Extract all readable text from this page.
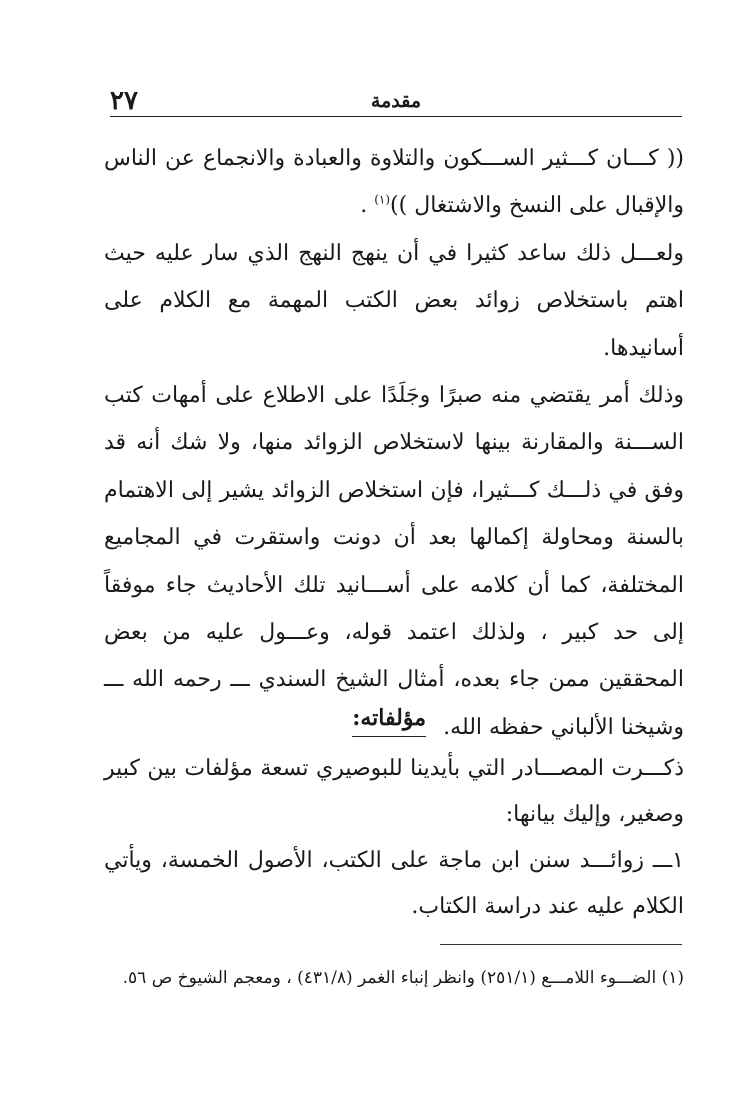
٢٧	مقدمة

(( كـــان كـــثير الســـكون والتلاوة والعبادة والانجماع عن الناس والإقبال على النسخ والاشتغال ))$^{(١)}$ .

ولعـــل ذلك ساعد كثيرا في أن ينهج النهج الذي سار عليه حيث اهتم باستخلاص زوائد بعض الكتب المهمة مع الكلام على أسانيدها.

وذلك أمر يقتضي منه صبرًا وجَلَدًا على الاطلاع على أمهات كتب الســـنة والمقارنة بينها لاستخلاص الزوائد منها، ولا شك أنه قد وفق في ذلـــك كـــثيرا، فإن استخلاص الزوائد يشير إلى الاهتمام بالسنة ومحاولة إكمالها بعد أن دونت واستقرت في المجاميع المختلفة، كما أن كلامه على أســـانيد تلك الأحاديث جاء موفقاً إلى حد كبير ، ولذلك اعتمد قوله، وعـــول عليه من بعض المحققين ممن جاء بعده، أمثال الشيخ السندي ـــ رحمه الله ـــ وشيخنا الألباني حفظه الله.

مؤلفاته:

ذكـــرت المصـــادر التي بأيدينا للبوصيري تسعة مؤلفات بين كبير وصغير، وإليك بيانها:

١ـــ زوائـــد سنن ابن ماجة على الكتب، الأصول الخمسة، ويأتي الكلام عليه عند دراسة الكتاب.

(١) الضـــوء اللامـــع (٢٥١/١) وانظر إنباء الغمر (٤٣١/٨) ، ومعجم الشيوخ ص ٥٦.
